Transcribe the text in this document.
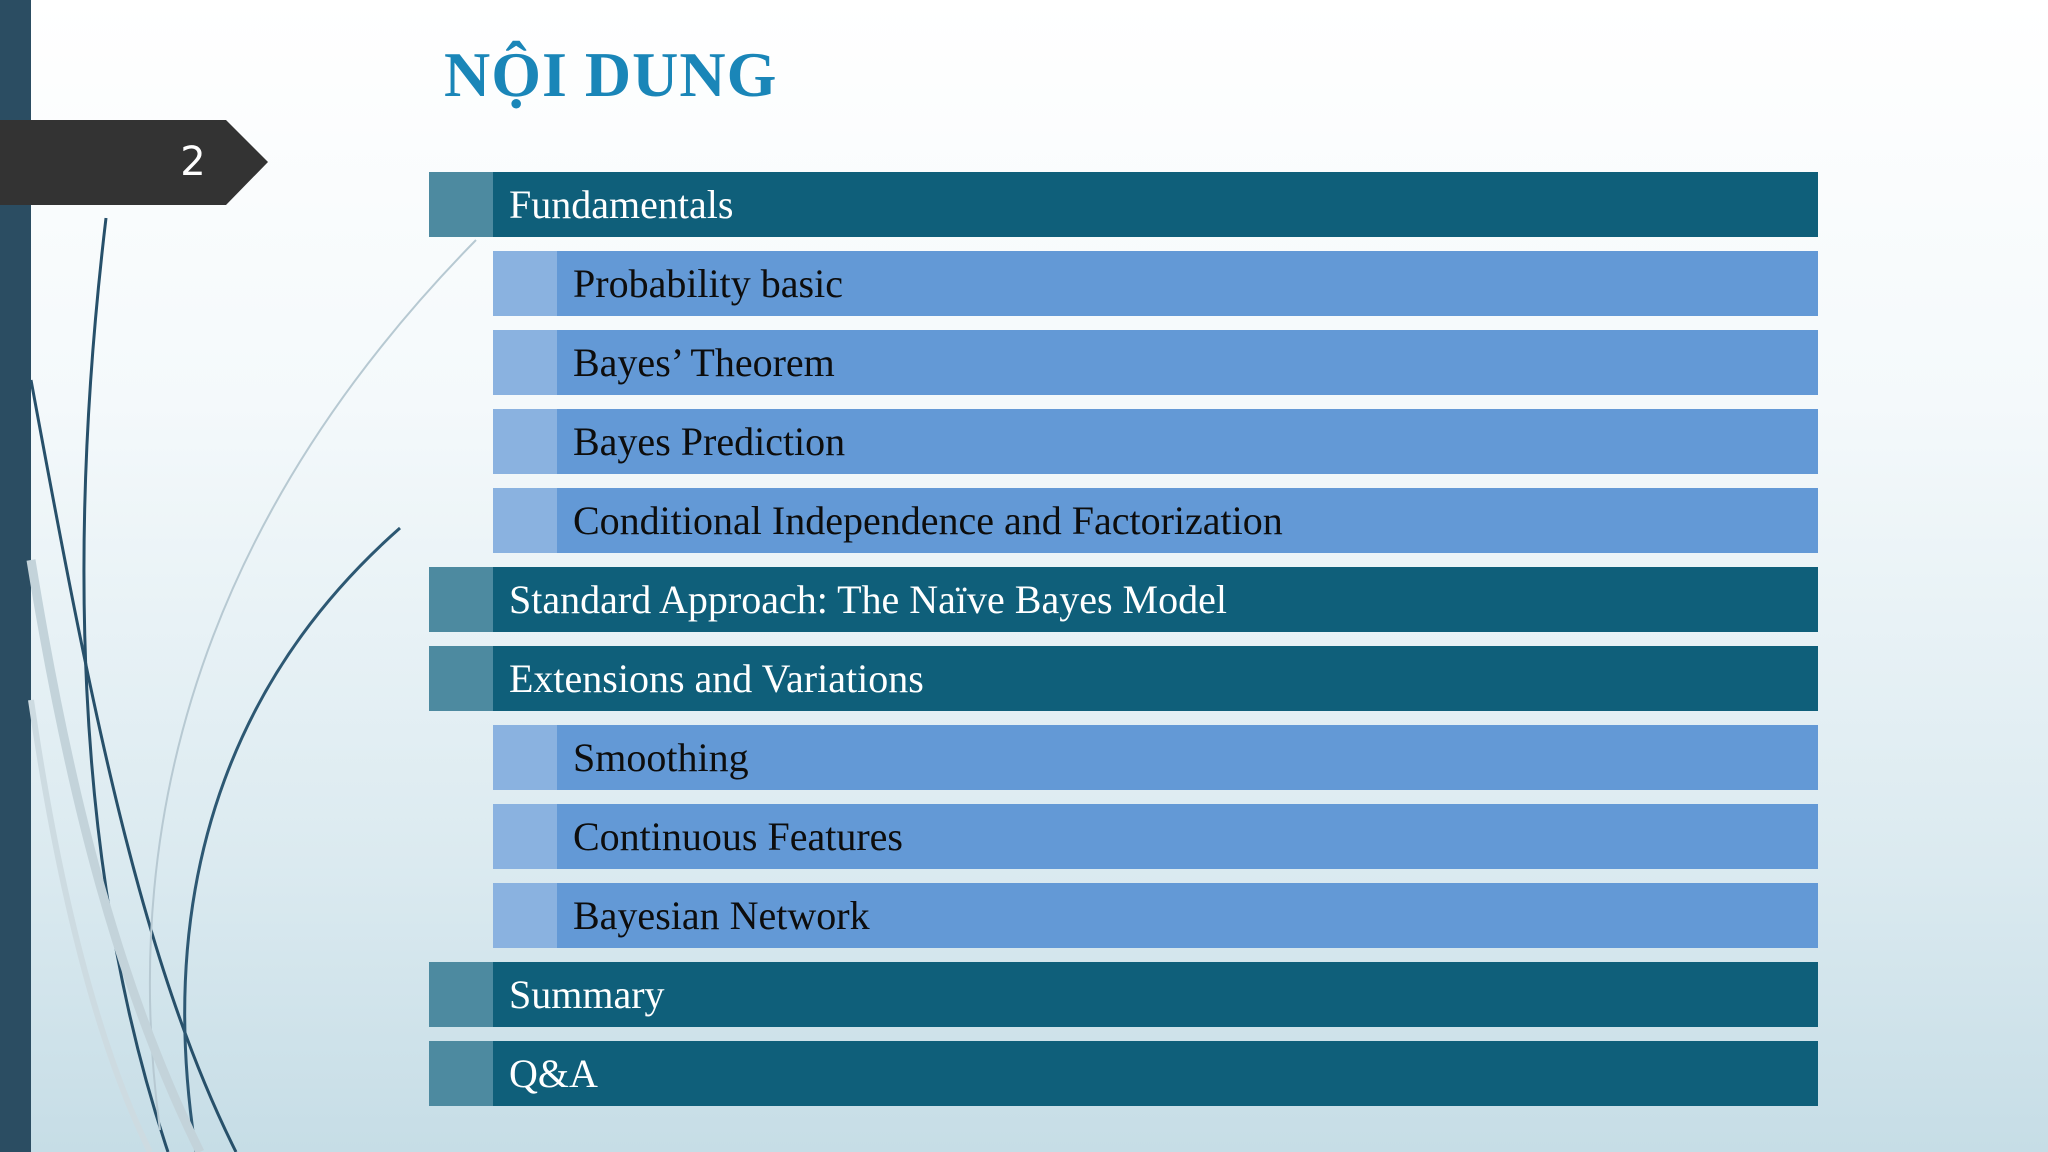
2
NỘI DUNG
Fundamentals
Probability basic
Bayes’ Theorem
Bayes Prediction
Conditional Independence and Factorization
Standard Approach: The Naïve Bayes Model
Extensions and Variations
Smoothing
Continuous Features
Bayesian Network
Summary
Q&A
